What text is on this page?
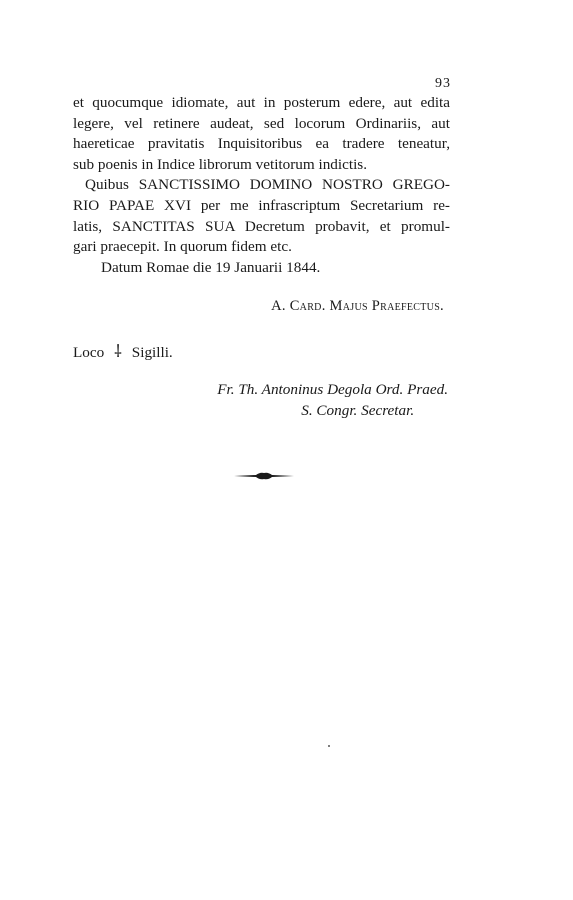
93
et quocumque idiomate, aut in posterum edere, aut edita
legere, vel retinere audeat, sed locorum Ordinariis, aut
haereticae pravitatis Inquisitoribus ea tradere teneatur,
sub poenis in Indice librorum vetitorum indictis.
Quibus SANCTISSIMO DOMINO NOSTRO GREGO-
RIO PAPAE XVI per me infrascriptum Secretarium re-
latis, SANCTITAS SUA Decretum probavit, et promul-
gari praecepit. In quorum fidem etc.
Datum Romae die 19 Januarii 1844.
A. Card. Majus Praefectus.
Loco ⸸ Sigilli.
Fr. Th. Antoninus Degola Ord. Praed.
S. Congr. Secretar.
